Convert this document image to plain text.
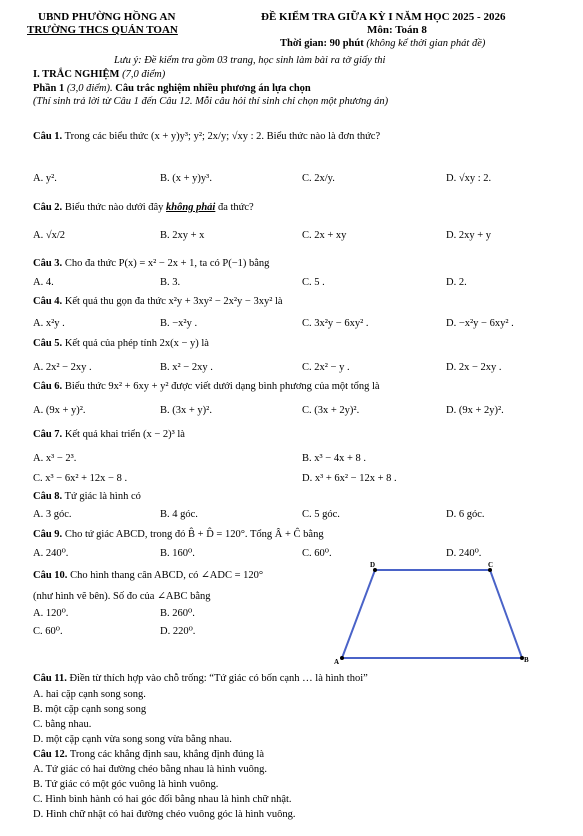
UBND PHƯỜNG HỒNG AN
TRƯỜNG THCS QUÁN TOAN
ĐỀ KIỂM TRA GIỮA KỲ I NĂM HỌC 2025 - 2026
Môn: Toán 8
Thời gian: 90 phút (không kể thời gian phát đề)
Lưu ý: Đề kiểm tra gồm 03 trang, học sinh làm bài ra tờ giấy thi
I. TRẮC NGHIỆM (7,0 điểm)
Phần 1 (3,0 điểm). Câu trắc nghiệm nhiều phương án lựa chọn
(Thí sinh trả lời từ Câu 1 đến Câu 12. Mỗi câu hỏi thí sinh chỉ chọn một phương án)
Câu 1. Trong các biểu thức (x + y)y³; y²; 2x/y; √xy : 2. Biểu thức nào là đơn thức?
A. y².	B. (x + y)y³.	C. 2x/y.	D. √xy : 2.
Câu 2. Biểu thức nào dưới đây không phải đa thức?
A. √x/2	B. 2xy + x	C. 2x + xy	D. 2xy + y
Câu 3. Cho đa thức P(x) = x² − 2x + 1, ta có P(−1) bằng
A. 4.	B. 3.	C. 5 .	D. 2.
Câu 4. Kết quả thu gọn đa thức x²y + 3xy² − 2x²y − 3xy² là
A. x²y .	B. −x²y .	C. 3x²y − 6xy² .	D. −x²y − 6xy² .
Câu 5. Kết quả của phép tính 2x(x − y) là
A. 2x² − 2xy .	B. x² − 2xy .	C. 2x² − y .	D. 2x − 2xy .
Câu 6. Biểu thức 9x² + 6xy + y² được viết dưới dạng bình phương của một tổng là
A. (9x + y)².	B. (3x + y)².	C. (3x + 2y)².	D. (9x + 2y)².
Câu 7. Kết quả khai triển (x − 2)³ là
A. x³ − 2³.	B. x³ − 4x + 8 .
C. x³ − 6x² + 12x − 8 .	D. x³ + 6x² − 12x + 8 .
Câu 8. Tứ giác là hình có
A. 3 góc.	B. 4 góc.	C. 5 góc.	D. 6 góc.
Câu 9. Cho tứ giác ABCD, trong đó B̂ + D̂ = 120°. Tổng Â + Ĉ bằng
A. 240⁰.	B. 160⁰.	C. 60⁰.	D. 240⁰.
Câu 10. Cho hình thang cân ABCD, có ∠ADC = 120°
(như hình vẽ bên). Số đo của ∠ABC bằng
A. 120⁰.	B. 260⁰.
C. 60⁰.	D. 220⁰.
A	B
C
D
Câu 11. Điền từ thích hợp vào chỗ trống: “Tứ giác có bốn cạnh … là hình thoi”
A. hai cặp cạnh song song.
B. một cặp cạnh song song
C. bằng nhau.
D. một cặp cạnh vừa song song vừa bằng nhau.
Câu 12. Trong các khẳng định sau, khẳng định đúng là
A. Tứ giác có hai đường chéo bằng nhau là hình vuông.
B. Tứ giác có một góc vuông là hình vuông.
C. Hình bình hành có hai góc đối bằng nhau là hình chữ nhật.
D. Hình chữ nhật có hai đường chéo vuông góc là hình vuông.
